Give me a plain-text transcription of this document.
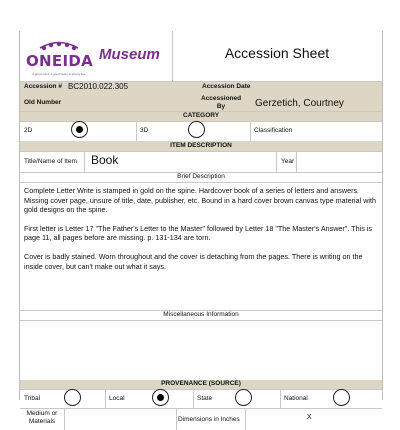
ONEIDA
A good mind. A good heart. A strong fire.
Museum	Accession Sheet
Accession # BC2010.022.305	Accession Date
Old Number
Accessioned By	Gerzetich, Courtney
CATEGORY
2D	3D	Classification
ITEM DESCRIPTION
Title/Name of Item Book	Year
Brief Description

Complete Letter Write is stamped in gold on the spine. Hardcover book of a series of letters and answers. Missing cover page, unsure of title, date, publisher, etc. Bound in a hard cover brown canvas type material with gold designs on the spine.

First letter is Letter 17 "The Father's Letter to the Master" followed by Letter 18 "The Master's Answer". This is page 11, all pages before are missing. p. 131-134 are torn.

Cover is badly stained. Worn throughout and the cover is detaching from the pages. There is writing on the inside cover, but can't make out what it says.

Miscellaneous Information
PROVENANCE (SOURCE)
Tribal	Local	State	National
Medium or Materials	Dimensions in Inches	X
